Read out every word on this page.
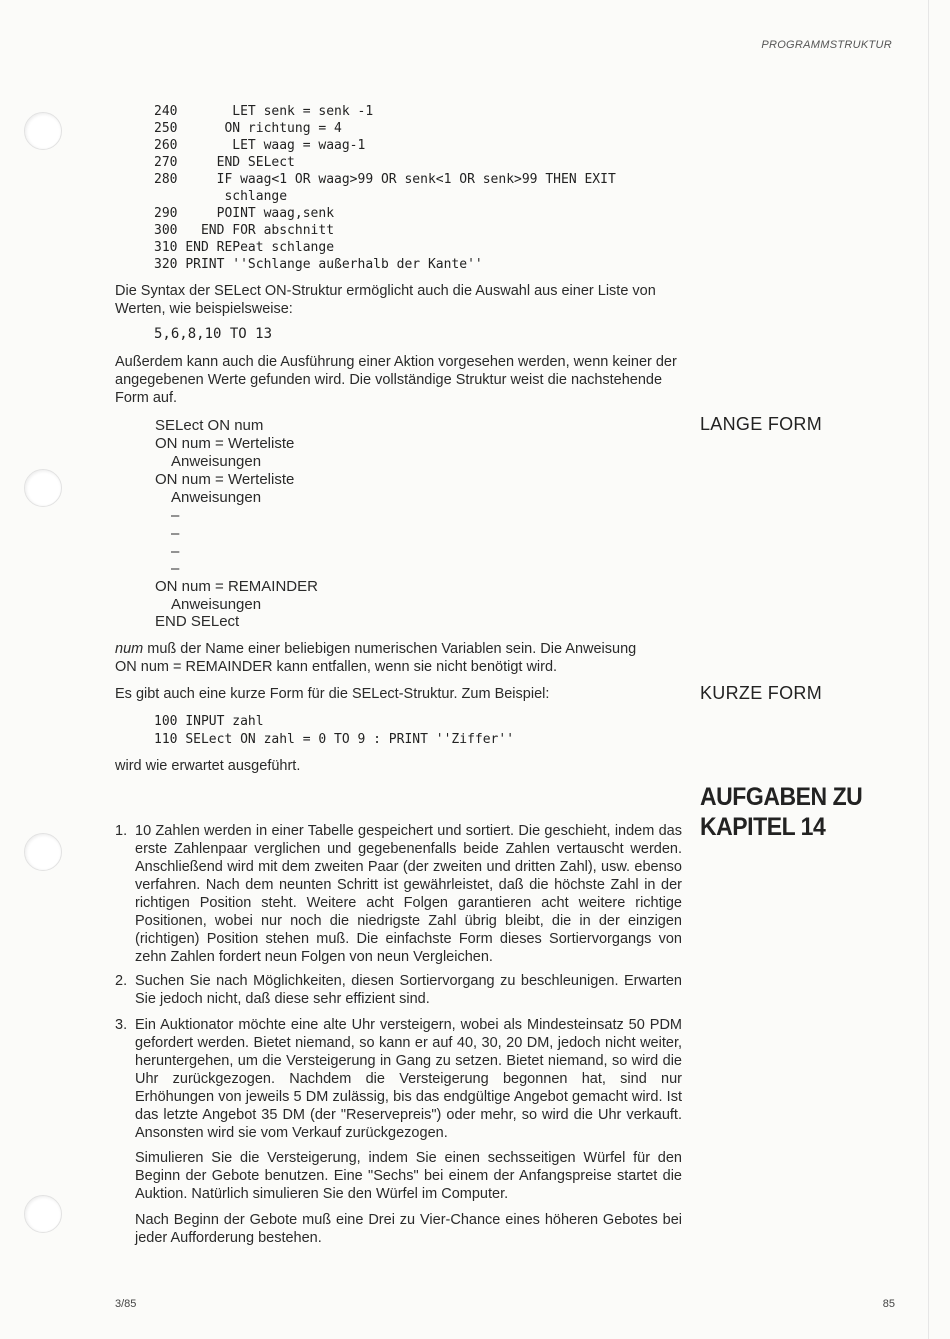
PROGRAMMSTRUKTUR
240       LET senk = senk -1
250      ON richtung = 4
260       LET waag = waag-1
270     END SELect
280     IF waag<1 OR waag>99 OR senk<1 OR senk>99 THEN EXIT
schlange
290     POINT waag,senk
300   END FOR abschnitt
310 END REPeat schlange
320 PRINT ''Schlange außerhalb der Kante''
Die Syntax der SELect ON-Struktur ermöglicht auch die Auswahl aus einer Liste von Werten, wie beispielsweise:
5,6,8,10 TO 13
Außerdem kann auch die Ausführung einer Aktion vorgesehen werden, wenn keiner der angegebenen Werte gefunden wird. Die vollständige Struktur weist die nachstehende Form auf.
LANGE FORM
SELect ON num
ON num = Werteliste
Anweisungen
ON num = Werteliste
Anweisungen
–
–
–
–
ON num = REMAINDER
Anweisungen
END SELect
num muß der Name einer beliebigen numerischen Variablen sein. Die Anweisung
ON num = REMAINDER kann entfallen, wenn sie nicht benötigt wird.
Es gibt auch eine kurze Form für die SELect-Struktur. Zum Beispiel:	KURZE FORM
100 INPUT zahl
110 SELect ON zahl = 0 TO 9 : PRINT ''Ziffer''
wird wie erwartet ausgeführt.
AUFGABEN ZU
KAPITEL 14
1. 10 Zahlen werden in einer Tabelle gespeichert und sortiert. Die geschieht, indem das erste Zahlenpaar verglichen und gegebenenfalls beide Zahlen vertauscht werden. Anschließend wird mit dem zweiten Paar (der zweiten und dritten Zahl), usw. ebenso verfahren. Nach dem neunten Schritt ist gewährleistet, daß die höchste Zahl in der richtigen Position steht. Weitere acht Folgen garantieren acht weitere richtige Positionen, wobei nur noch die niedrigste Zahl übrig bleibt, die in der einzigen (richtigen) Position stehen muß. Die einfachste Form dieses Sortiervorgangs von zehn Zahlen fordert neun Folgen von neun Vergleichen.
2. Suchen Sie nach Möglichkeiten, diesen Sortiervorgang zu beschleunigen. Erwarten Sie jedoch nicht, daß diese sehr effizient sind.
3. Ein Auktionator möchte eine alte Uhr versteigern, wobei als Mindesteinsatz 50 PDM gefordert werden. Bietet niemand, so kann er auf 40, 30, 20 DM, jedoch nicht weiter, heruntergehen, um die Versteigerung in Gang zu setzen. Bietet niemand, so wird die Uhr zurückgezogen. Nachdem die Versteigerung begonnen hat, sind nur Erhöhungen von jeweils 5 DM zulässig, bis das endgültige Angebot gemacht wird. Ist das letzte Angebot 35 DM (der "Reservepreis") oder mehr, so wird die Uhr verkauft. Ansonsten wird sie vom Verkauf zurückgezogen.
Simulieren Sie die Versteigerung, indem Sie einen sechsseitigen Würfel für den Beginn der Gebote benutzen. Eine "Sechs" bei einem der Anfangspreise startet die Auktion. Natürlich simulieren Sie den Würfel im Computer.
Nach Beginn der Gebote muß eine Drei zu Vier-Chance eines höheren Gebotes bei jeder Aufforderung bestehen.
3/85	85
